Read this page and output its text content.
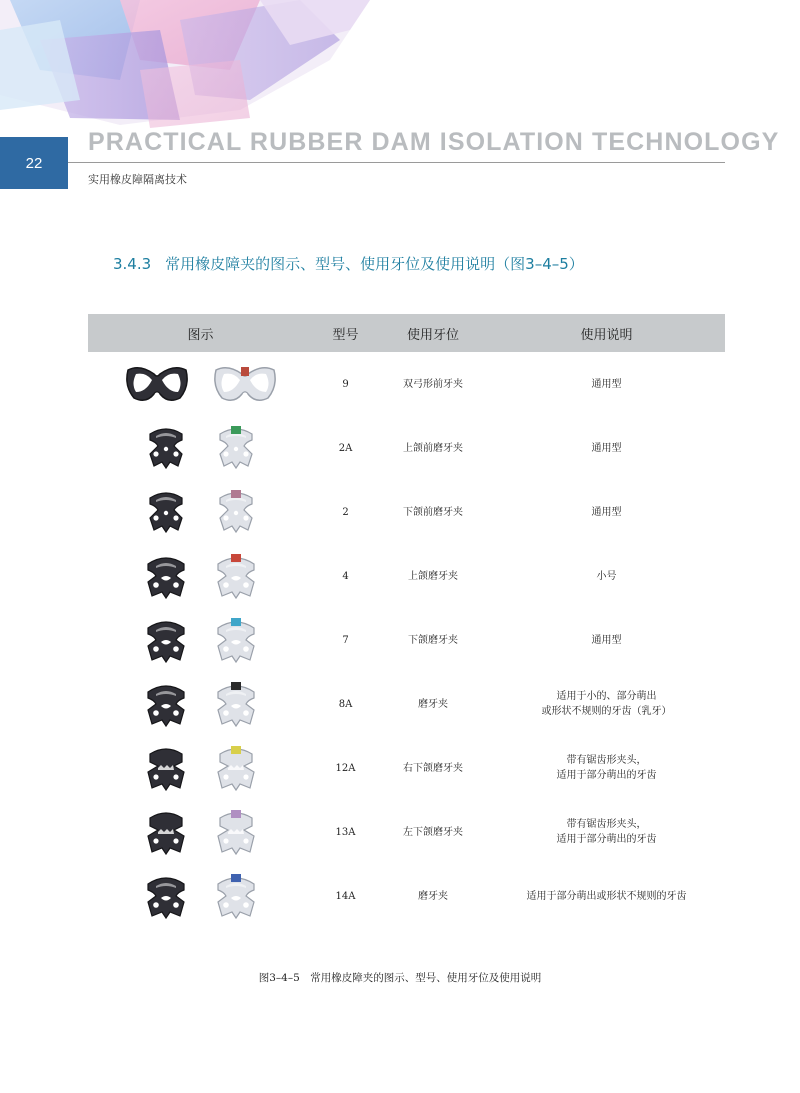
22
PRACTICAL RUBBER DAM ISOLATION TECHNOLOGY
实用橡皮障隔离技术
3.4.3 常用橡皮障夹的图示、型号、使用牙位及使用说明（图3–4–5）
图示	型号	使用牙位	使用说明

	9	双弓形前牙夹	通用型

	2A	上颌前磨牙夹	通用型

	2	下颌前磨牙夹	通用型

	4	上颌磨牙夹	小号

	7	下颌磨牙夹	通用型

	8A	磨牙夹	适用于小的、部分萌出
或形状不规则的牙齿（乳牙）

	12A	右下颌磨牙夹	带有锯齿形夹头，
适用于部分萌出的牙齿

	13A	左下颌磨牙夹	带有锯齿形夹头，
适用于部分萌出的牙齿

	14A	磨牙夹	适用于部分萌出或形状不规则的牙齿
图3–4–5　常用橡皮障夹的图示、型号、使用牙位及使用说明
